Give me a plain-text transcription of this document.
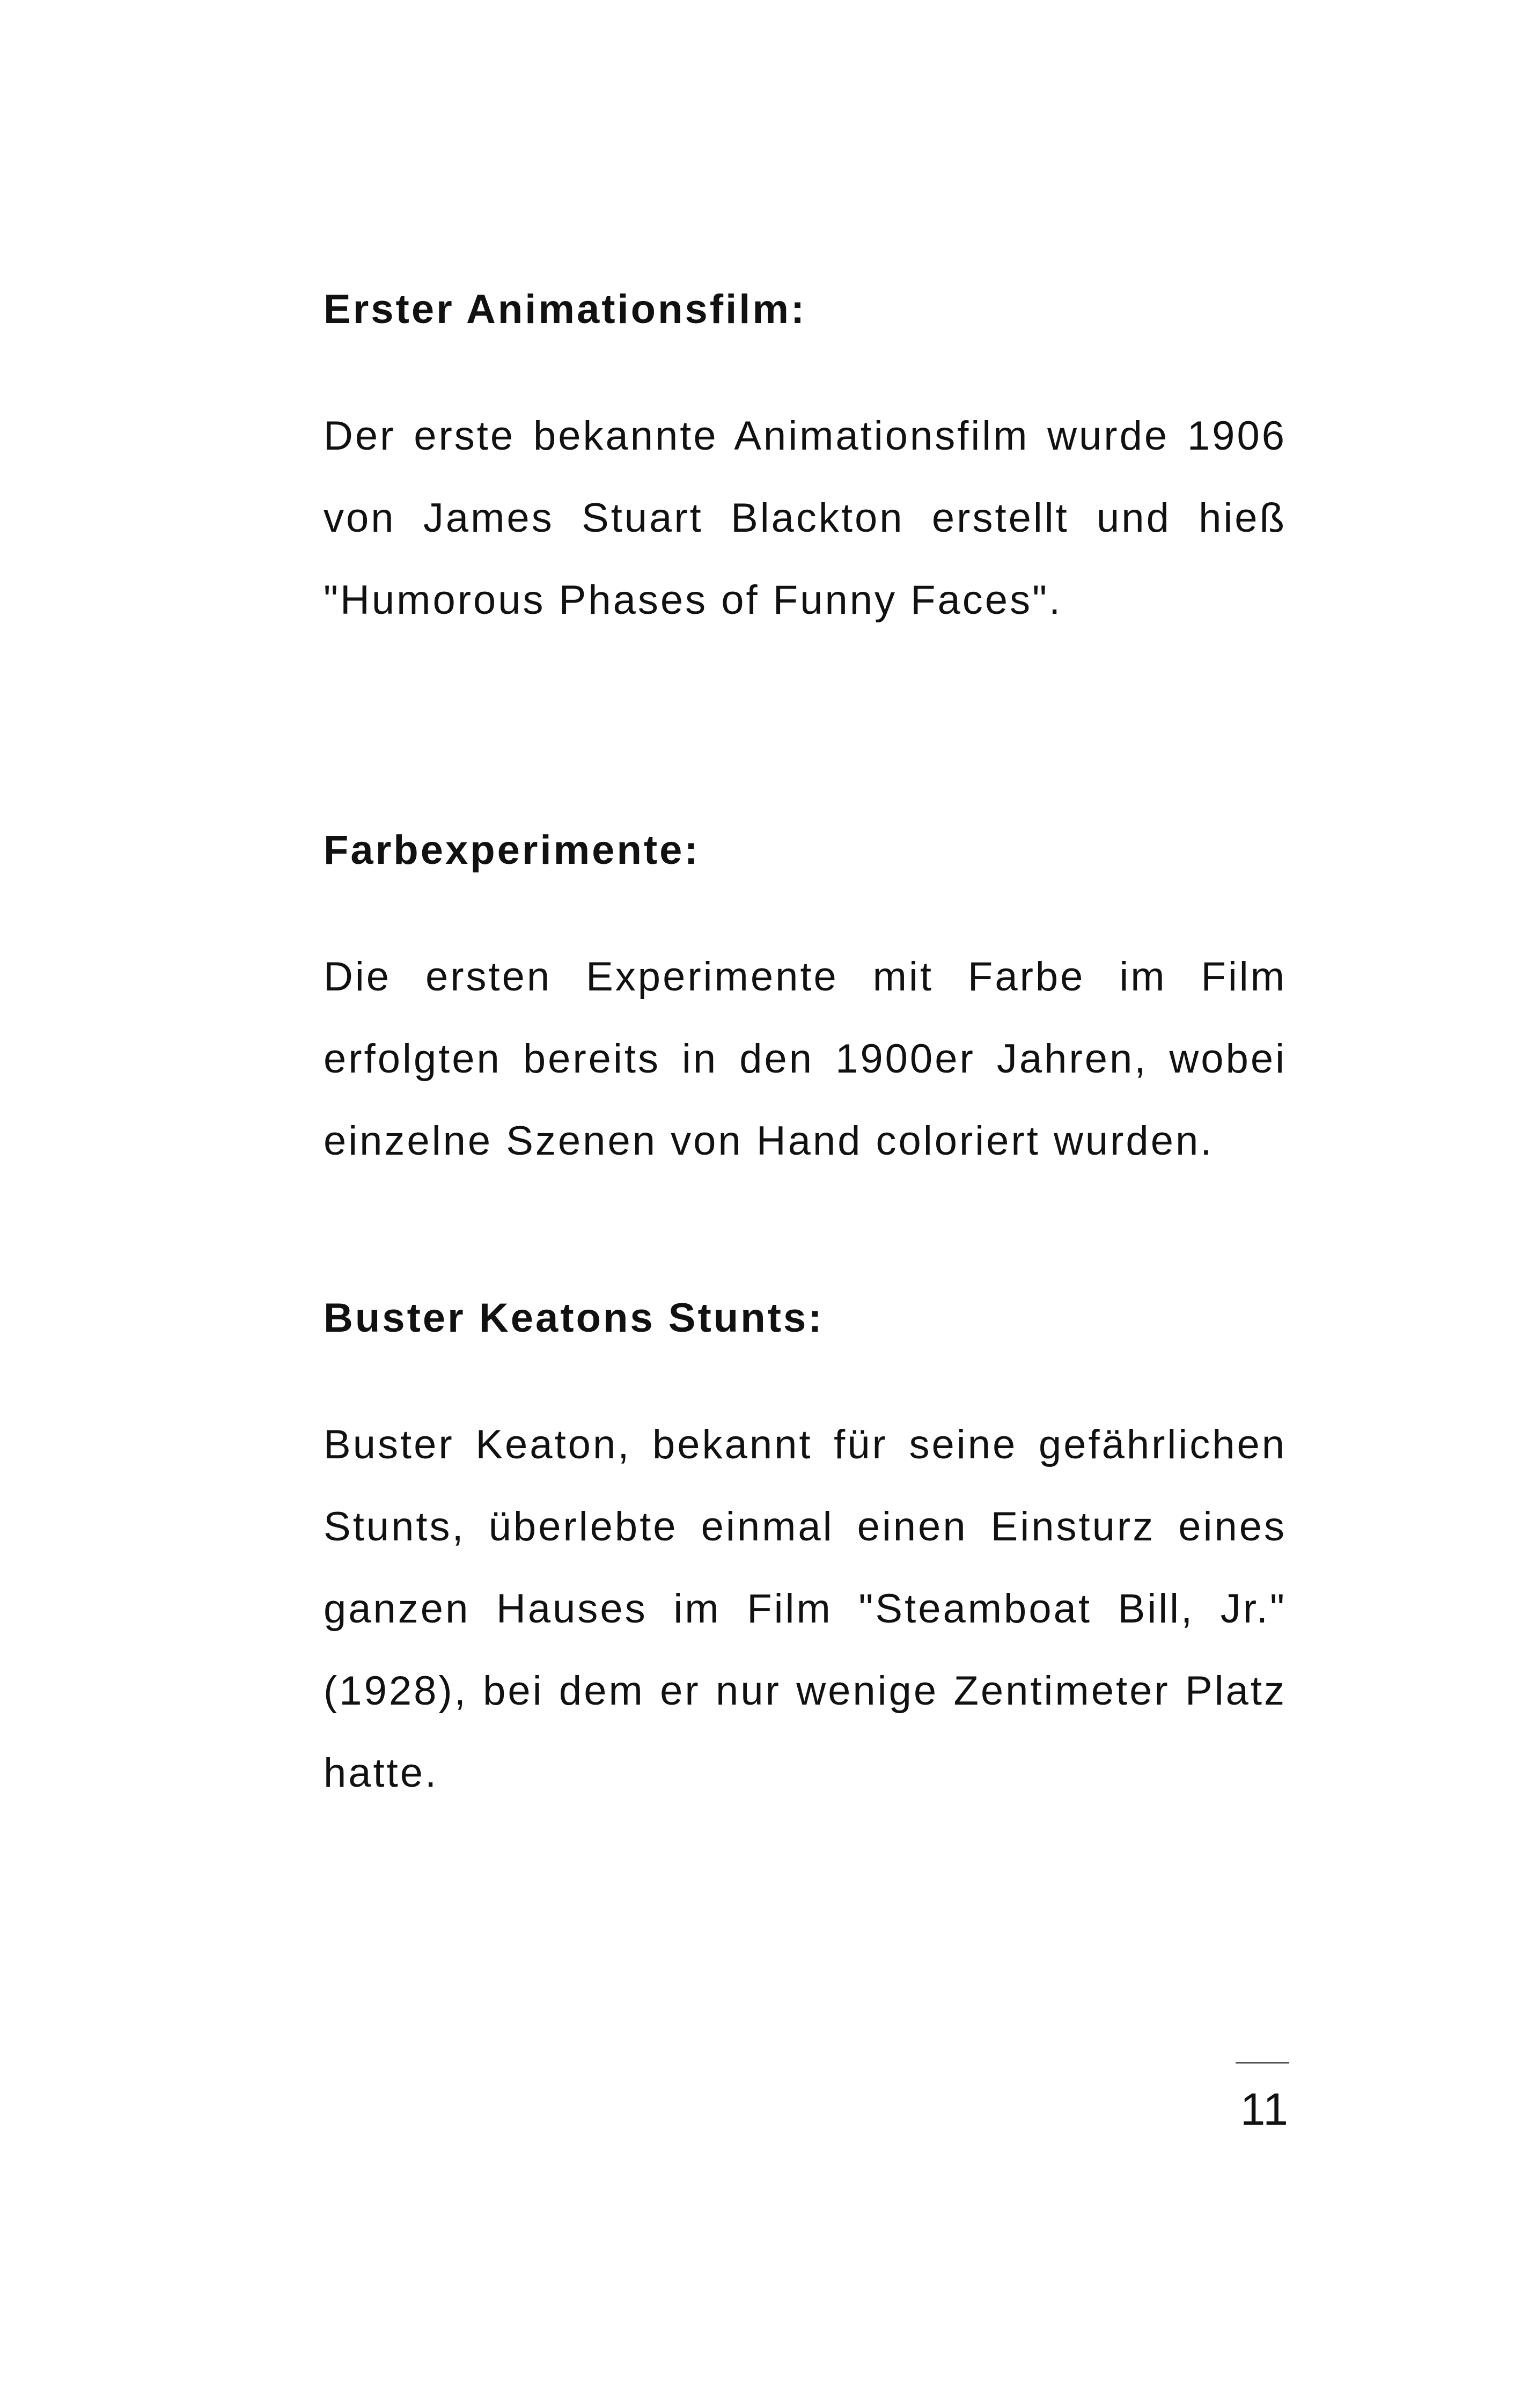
Erster Animationsfilm:

Der erste bekannte Animationsfilm wurde 1906 von James Stuart Blackton erstellt und hieß "Humorous Phases of Funny Faces".

Farbexperimente:

Die ersten Experimente mit Farbe im Film erfolgten bereits in den 1900er Jahren, wobei einzelne Szenen von Hand coloriert wurden.

Buster Keatons Stunts:

Buster Keaton, bekannt für seine gefährlichen Stunts, überlebte einmal einen Einsturz eines ganzen Hauses im Film "Steamboat Bill, Jr." (1928), bei dem er nur wenige Zentimeter Platz hatte.

11
